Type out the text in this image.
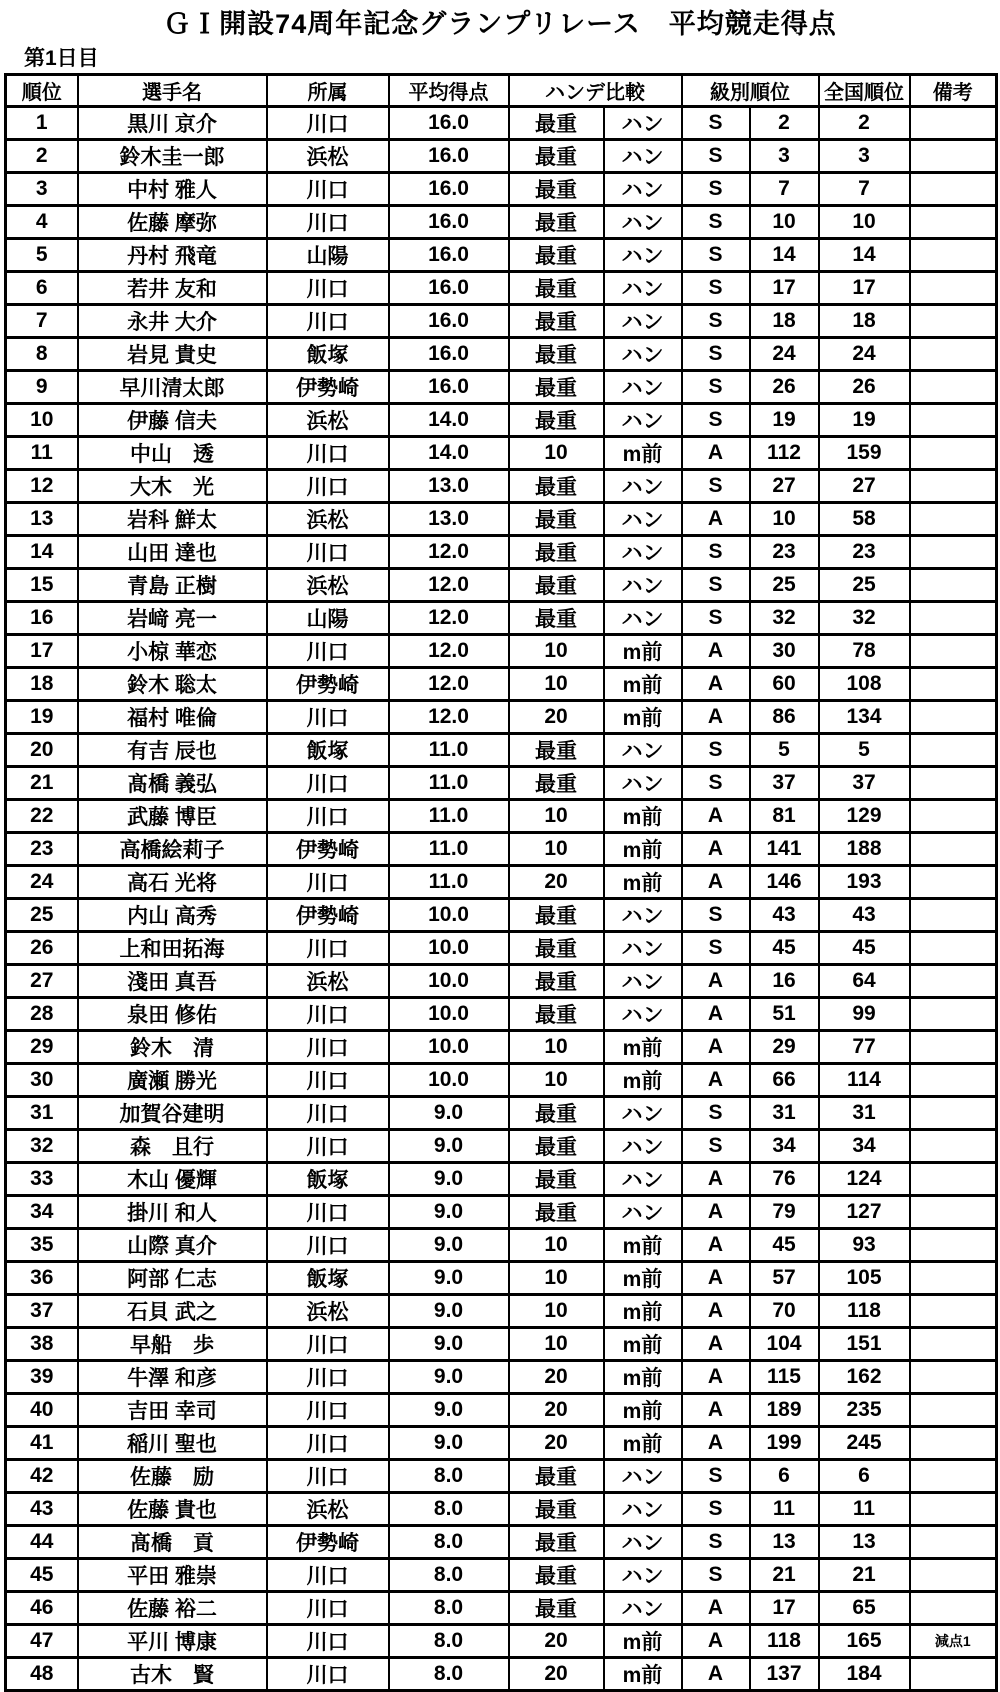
ＧＩ開設74周年記念グランプリレース　平均競走得点
第1日目
順位	選手名	所属	平均得点	ハンデ比較		級別順位		全国順位	備考
1	黒川 京介	川口	16.0	最重	ハン	S	2	2	
2	鈴木圭一郎	浜松	16.0	最重	ハン	S	3	3	
3	中村 雅人	川口	16.0	最重	ハン	S	7	7	
4	佐藤 摩弥	川口	16.0	最重	ハン	S	10	10	
5	丹村 飛竜	山陽	16.0	最重	ハン	S	14	14	
6	若井 友和	川口	16.0	最重	ハン	S	17	17	
7	永井 大介	川口	16.0	最重	ハン	S	18	18	
8	岩見 貴史	飯塚	16.0	最重	ハン	S	24	24	
9	早川清太郎	伊勢崎	16.0	最重	ハン	S	26	26	
10	伊藤 信夫	浜松	14.0	最重	ハン	S	19	19	
11	中山　透	川口	14.0	10	m前	A	112	159	
12	大木　光	川口	13.0	最重	ハン	S	27	27	
13	岩科 鮮太	浜松	13.0	最重	ハン	A	10	58	
14	山田 達也	川口	12.0	最重	ハン	S	23	23	
15	青島 正樹	浜松	12.0	最重	ハン	S	25	25	
16	岩﨑 亮一	山陽	12.0	最重	ハン	S	32	32	
17	小椋 華恋	川口	12.0	10	m前	A	30	78	
18	鈴木 聡太	伊勢崎	12.0	10	m前	A	60	108	
19	福村 唯倫	川口	12.0	20	m前	A	86	134	
20	有吉 辰也	飯塚	11.0	最重	ハン	S	5	5	
21	髙橋 義弘	川口	11.0	最重	ハン	S	37	37	
22	武藤 博臣	川口	11.0	10	m前	A	81	129	
23	高橋絵莉子	伊勢崎	11.0	10	m前	A	141	188	
24	高石 光将	川口	11.0	20	m前	A	146	193	
25	内山 高秀	伊勢崎	10.0	最重	ハン	S	43	43	
26	上和田拓海	川口	10.0	最重	ハン	S	45	45	
27	淺田 真吾	浜松	10.0	最重	ハン	A	16	64	
28	泉田 修佑	川口	10.0	最重	ハン	A	51	99	
29	鈴木　清	川口	10.0	10	m前	A	29	77	
30	廣瀬 勝光	川口	10.0	10	m前	A	66	114	
31	加賀谷建明	川口	9.0	最重	ハン	S	31	31	
32	森　且行	川口	9.0	最重	ハン	S	34	34	
33	木山 優輝	飯塚	9.0	最重	ハン	A	76	124	
34	掛川 和人	川口	9.0	最重	ハン	A	79	127	
35	山際 真介	川口	9.0	10	m前	A	45	93	
36	阿部 仁志	飯塚	9.0	10	m前	A	57	105	
37	石貝 武之	浜松	9.0	10	m前	A	70	118	
38	早船　歩	川口	9.0	10	m前	A	104	151	
39	牛澤 和彦	川口	9.0	20	m前	A	115	162	
40	吉田 幸司	川口	9.0	20	m前	A	189	235	
41	稲川 聖也	川口	9.0	20	m前	A	199	245	
42	佐藤　励	川口	8.0	最重	ハン	S	6	6	
43	佐藤 貴也	浜松	8.0	最重	ハン	S	11	11	
44	髙橋　貢	伊勢崎	8.0	最重	ハン	S	13	13	
45	平田 雅崇	川口	8.0	最重	ハン	S	21	21	
46	佐藤 裕二	川口	8.0	最重	ハン	A	17	65	
47	平川 博康	川口	8.0	20	m前	A	118	165	減点1
48	古木　賢	川口	8.0	20	m前	A	137	184	
